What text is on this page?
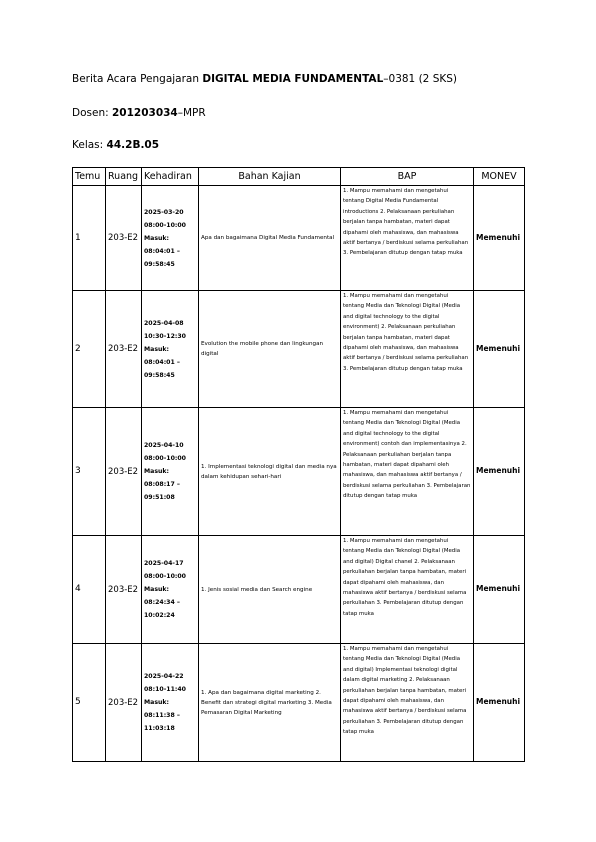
Berita Acara Pengajaran DIGITAL MEDIA FUNDAMENTAL–0381 (2 SKS)
Dosen: 201203034–MPR
Kelas: 44.2B.05
Temu	Ruang	Kehadiran	Bahan Kajian	BAP	MONEV
1	203-E2	2025-03-20 08:00-10:00 Masuk: 08:04:01 – 09:58:45	Apa dan bagaimana Digital Media Fundamental	1. Mampu memahami dan mengetahui tentang Digital Media Fundamental introductions 2. Pelaksanaan perkuliahan berjalan tanpa hambatan, materi dapat dipahami oleh mahasiswa, dan mahasiswa aktif bertanya / berdiskusi selama perkuliahan 3. Pembelajaran ditutup dengan tatap muka	Memenuhi
2	203-E2	2025-04-08 10:30-12:30 Masuk: 08:04:01 – 09:58:45	Evolution the mobile phone dan lingkungan digital	1. Mampu memahami dan mengetahui tentang Media dan Teknologi Digital (Media and digital technology to the digital environment) 2. Pelaksanaan perkuliahan berjalan tanpa hambatan, materi dapat dipahami oleh mahasiswa, dan mahasiswa aktif bertanya / berdiskusi selama perkuliahan 3. Pembelajaran ditutup dengan tatap muka	Memenuhi
3	203-E2	2025-04-10 08:00-10:00 Masuk: 08:08:17 – 09:51:08	1. Implementasi teknologi digital dan media nya dalam kehidupan sehari-hari	1. Mampu memahami dan mengetahui tentang Media dan Teknologi Digital (Media and digital technology to the digital environment) contoh dan implementasinya 2. Pelaksanaan perkuliahan berjalan tanpa hambatan, materi dapat dipahami oleh mahasiswa, dan mahasiswa aktif bertanya / berdiskusi selama perkuliahan 3. Pembelajaran ditutup dengan tatap muka	Memenuhi
4	203-E2	2025-04-17 08:00-10:00 Masuk: 08:24:34 – 10:02:24	1. Jenis sosial media dan Search engine	1. Mampu memahami dan mengetahui tentang Media dan Teknologi Digital (Media and digital) Digital chanel 2. Pelaksanaan perkuliahan berjalan tanpa hambatan, materi dapat dipahami oleh mahasiswa, dan mahasiswa aktif bertanya / berdiskusi selama perkuliahan 3. Pembelajaran ditutup dengan tatap muka	Memenuhi
5	203-E2	2025-04-22 08:10-11:40 Masuk: 08:11:38 – 11:03:18	1. Apa dan bagaimana digital marketing 2. Benefit dan strategi digital marketing 3. Media Pemasaran Digital Marketing	1. Mampu memahami dan mengetahui tentang Media dan Teknologi Digital (Media and digital) Implementasi teknologi digital dalam digital marketing 2. Pelaksanaan perkuliahan berjalan tanpa hambatan, materi dapat dipahami oleh mahasiswa, dan mahasiswa aktif bertanya / berdiskusi selama perkuliahan 3. Pembelajaran ditutup dengan tatap muka	Memenuhi
